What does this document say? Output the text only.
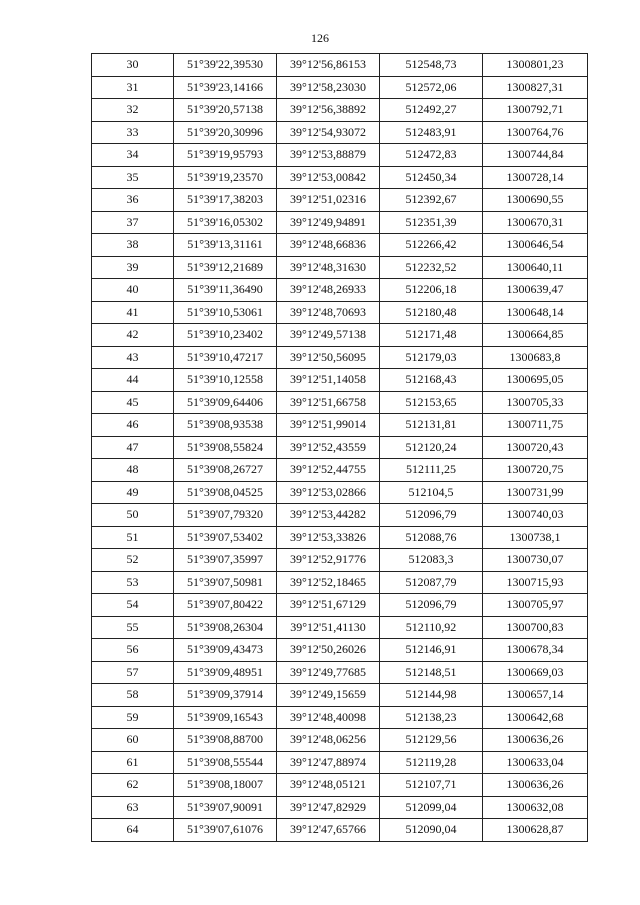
126
30	51°39'22,39530	39°12'56,86153	512548,73	1300801,23
31	51°39'23,14166	39°12'58,23030	512572,06	1300827,31
32	51°39'20,57138	39°12'56,38892	512492,27	1300792,71
33	51°39'20,30996	39°12'54,93072	512483,91	1300764,76
34	51°39'19,95793	39°12'53,88879	512472,83	1300744,84
35	51°39'19,23570	39°12'53,00842	512450,34	1300728,14
36	51°39'17,38203	39°12'51,02316	512392,67	1300690,55
37	51°39'16,05302	39°12'49,94891	512351,39	1300670,31
38	51°39'13,31161	39°12'48,66836	512266,42	1300646,54
39	51°39'12,21689	39°12'48,31630	512232,52	1300640,11
40	51°39'11,36490	39°12'48,26933	512206,18	1300639,47
41	51°39'10,53061	39°12'48,70693	512180,48	1300648,14
42	51°39'10,23402	39°12'49,57138	512171,48	1300664,85
43	51°39'10,47217	39°12'50,56095	512179,03	1300683,8
44	51°39'10,12558	39°12'51,14058	512168,43	1300695,05
45	51°39'09,64406	39°12'51,66758	512153,65	1300705,33
46	51°39'08,93538	39°12'51,99014	512131,81	1300711,75
47	51°39'08,55824	39°12'52,43559	512120,24	1300720,43
48	51°39'08,26727	39°12'52,44755	512111,25	1300720,75
49	51°39'08,04525	39°12'53,02866	512104,5	1300731,99
50	51°39'07,79320	39°12'53,44282	512096,79	1300740,03
51	51°39'07,53402	39°12'53,33826	512088,76	1300738,1
52	51°39'07,35997	39°12'52,91776	512083,3	1300730,07
53	51°39'07,50981	39°12'52,18465	512087,79	1300715,93
54	51°39'07,80422	39°12'51,67129	512096,79	1300705,97
55	51°39'08,26304	39°12'51,41130	512110,92	1300700,83
56	51°39'09,43473	39°12'50,26026	512146,91	1300678,34
57	51°39'09,48951	39°12'49,77685	512148,51	1300669,03
58	51°39'09,37914	39°12'49,15659	512144,98	1300657,14
59	51°39'09,16543	39°12'48,40098	512138,23	1300642,68
60	51°39'08,88700	39°12'48,06256	512129,56	1300636,26
61	51°39'08,55544	39°12'47,88974	512119,28	1300633,04
62	51°39'08,18007	39°12'48,05121	512107,71	1300636,26
63	51°39'07,90091	39°12'47,82929	512099,04	1300632,08
64	51°39'07,61076	39°12'47,65766	512090,04	1300628,87
